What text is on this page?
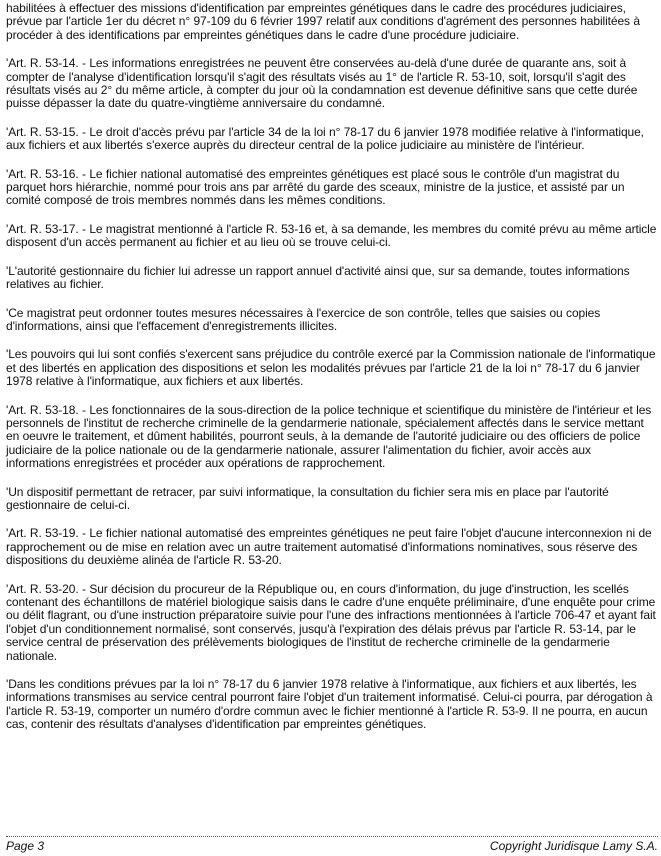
habilitées à effectuer des missions d'identification par empreintes génétiques dans le cadre des procédures judiciaires, prévue par l'article 1er du décret n° 97-109 du 6 février 1997 relatif aux conditions d'agrément des personnes habilitées à procéder à des identifications par empreintes génétiques dans le cadre d'une procédure judiciaire.

'Art. R. 53-14. - Les informations enregistrées ne peuvent être conservées au-delà d'une durée de quarante ans, soit à compter de l'analyse d'identification lorsqu'il s'agit des résultats visés au 1° de l'article R. 53-10, soit, lorsqu'il s'agit des résultats visés au 2° du même article, à compter du jour où la condamnation est devenue définitive sans que cette durée puisse dépasser la date du quatre-vingtième anniversaire du condamné.

'Art. R. 53-15. - Le droit d'accès prévu par l'article 34 de la loi n° 78-17 du 6 janvier 1978 modifiée relative à l'informatique, aux fichiers et aux libertés s'exerce auprès du directeur central de la police judiciaire au ministère de l'intérieur.

'Art. R. 53-16. - Le fichier national automatisé des empreintes génétiques est placé sous le contrôle d'un magistrat du parquet hors hiérarchie, nommé pour trois ans par arrêté du garde des sceaux, ministre de la justice, et assisté par un comité composé de trois membres nommés dans les mêmes conditions.

'Art. R. 53-17. - Le magistrat mentionné à l'article R. 53-16 et, à sa demande, les membres du comité prévu au même article disposent d'un accès permanent au fichier et au lieu où se trouve celui-ci.

'L'autorité gestionnaire du fichier lui adresse un rapport annuel d'activité ainsi que, sur sa demande, toutes informations relatives au fichier.

'Ce magistrat peut ordonner toutes mesures nécessaires à l'exercice de son contrôle, telles que saisies ou copies d'informations, ainsi que l'effacement d'enregistrements illicites.

'Les pouvoirs qui lui sont confiés s'exercent sans préjudice du contrôle exercé par la Commission nationale de l'informatique et des libertés en application des dispositions et selon les modalités prévues par l'article 21 de la loi n° 78-17 du 6 janvier 1978 relative à l'informatique, aux fichiers et aux libertés.

'Art. R. 53-18. - Les fonctionnaires de la sous-direction de la police technique et scientifique du ministère de l'intérieur et les personnels de l'institut de recherche criminelle de la gendarmerie nationale, spécialement affectés dans le service mettant en oeuvre le traitement, et dûment habilités, pourront seuls, à la demande de l'autorité judiciaire ou des officiers de police judiciaire de la police nationale ou de la gendarmerie nationale, assurer l'alimentation du fichier, avoir accès aux informations enregistrées et procéder aux opérations de rapprochement.

'Un dispositif permettant de retracer, par suivi informatique, la consultation du fichier sera mis en place par l'autorité gestionnaire de celui-ci.

'Art. R. 53-19. - Le fichier national automatisé des empreintes génétiques ne peut faire l'objet d'aucune interconnexion ni de rapprochement ou de mise en relation avec un autre traitement automatisé d'informations nominatives, sous réserve des dispositions du deuxième alinéa de l'article R. 53-20.

'Art. R. 53-20. - Sur décision du procureur de la République ou, en cours d'information, du juge d'instruction, les scellés contenant des échantillons de matériel biologique saisis dans le cadre d'une enquête préliminaire, d'une enquête pour crime ou délit flagrant, ou d'une instruction préparatoire suivie pour l'une des infractions mentionnées à l'article 706-47 et ayant fait l'objet d'un conditionnement normalisé, sont conservés, jusqu'à l'expiration des délais prévus par l'article R. 53-14, par le service central de préservation des prélèvements biologiques de l'institut de recherche criminelle de la gendarmerie nationale.

'Dans les conditions prévues par la loi n° 78-17 du 6 janvier 1978 relative à l'informatique, aux fichiers et aux libertés, les informations transmises au service central pourront faire l'objet d'un traitement informatisé. Celui-ci pourra, par dérogation à l'article R. 53-19, comporter un numéro d'ordre commun avec le fichier mentionné à l'article R. 53-9. Il ne pourra, en aucun cas, contenir des résultats d'analyses d'identification par empreintes génétiques.

Page 3	Copyright Juridisque Lamy S.A.
